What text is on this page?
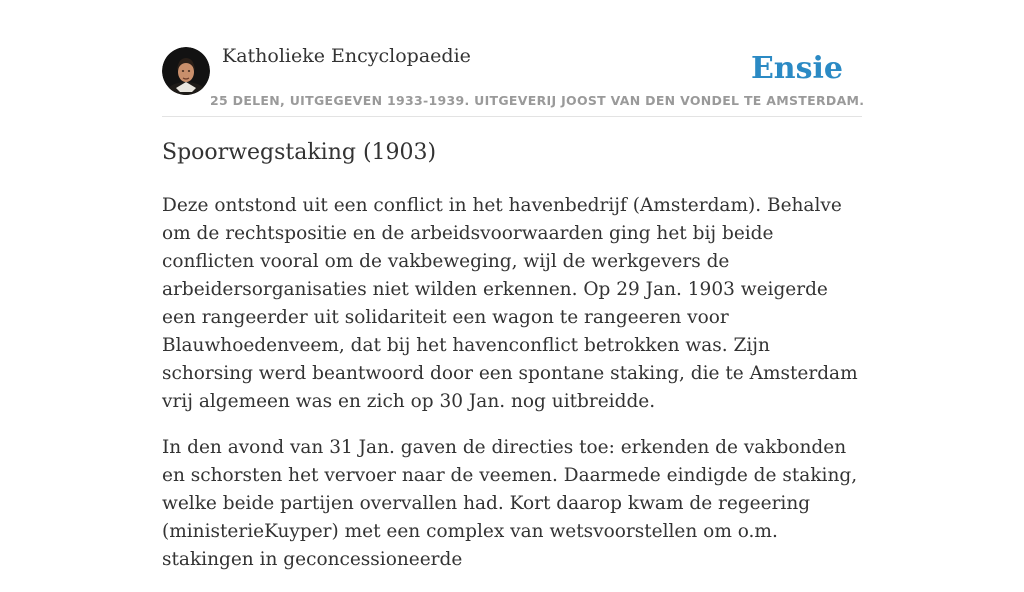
Katholieke Encyclopaedie
25 DELEN, UITGEGEVEN 1933-1939. UITGEVERIJ JOOST VAN DEN VONDEL TE AMSTERDAM.
Ensie
Spoorwegstaking (1903)

Deze ontstond uit een conflict in het havenbedrijf (Amsterdam). Behalve om de rechtspositie en de arbeidsvoorwaarden ging het bij beide conflicten vooral om de vakbeweging, wijl de werkgevers de arbeidersorganisaties niet wilden erkennen. Op 29 Jan. 1903 weigerde een rangeerder uit solidariteit een wagon te rangeeren voor Blauwhoedenveem, dat bij het havenconflict betrokken was. Zijn schorsing werd beantwoord door een spontane staking, die te Amsterdam vrij algemeen was en zich op 30 Jan. nog uitbreidde.

In den avond van 31 Jan. gaven de directies toe: erkenden de vakbonden en schorsten het vervoer naar de veemen. Daarmede eindigde de staking, welke beide partijen overvallen had. Kort daarop kwam de regeering (ministerieKuyper) met een complex van wetsvoorstellen om o.m. stakingen in geconcessioneerde
